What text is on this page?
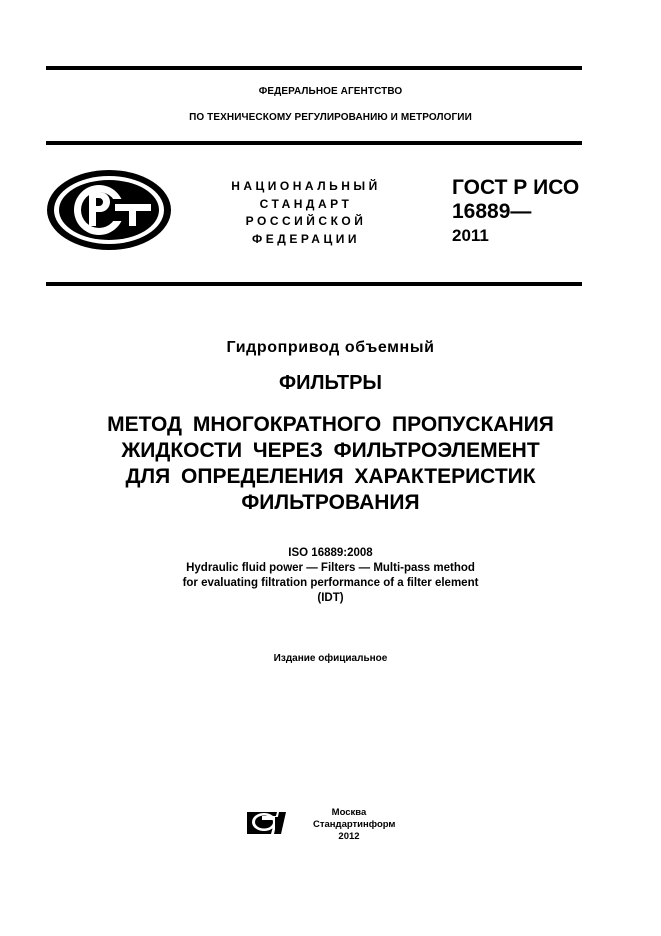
ФЕДЕРАЛЬНОЕ АГЕНТСТВО
ПО ТЕХНИЧЕСКОМУ РЕГУЛИРОВАНИЮ И МЕТРОЛОГИИ
НАЦИОНАЛЬНЫЙ
СТАНДАРТ
РОССИЙСКОЙ
ФЕДЕРАЦИИ
ГОСТ Р ИСО
16889—
2011
Гидропривод объемный
ФИЛЬТРЫ
МЕТОД МНОГОКРАТНОГО ПРОПУСКАНИЯ
ЖИДКОСТИ ЧЕРЕЗ ФИЛЬТРОЭЛЕМЕНТ
ДЛЯ ОПРЕДЕЛЕНИЯ ХАРАКТЕРИСТИК
ФИЛЬТРОВАНИЯ
ISO 16889:2008
Hydraulic fluid power — Filters — Multi-pass method
for evaluating filtration performance of a filter element
(IDT)
Издание официальное
Москва
Стандартинформ
2012
